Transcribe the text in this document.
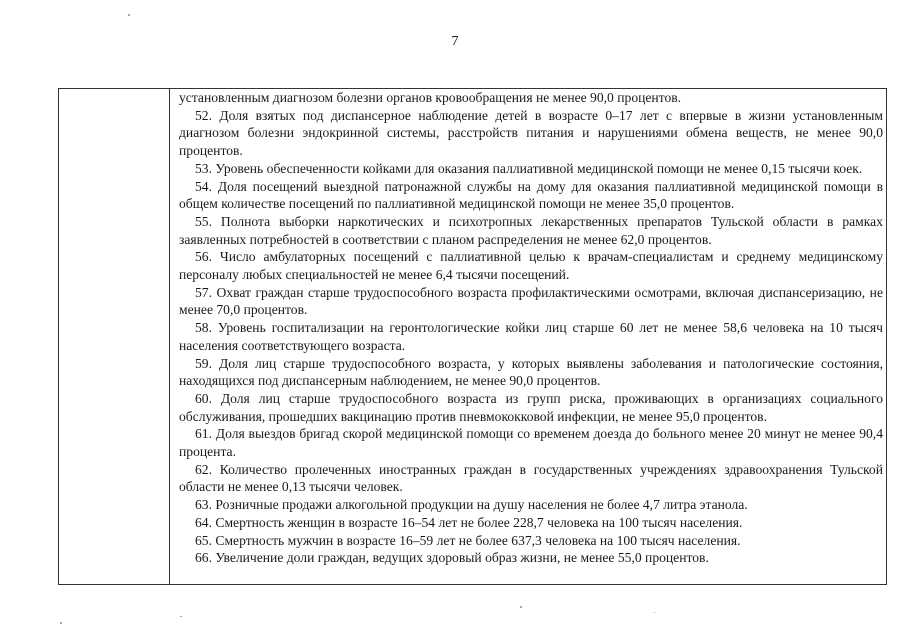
7

установленным диагнозом болезни органов кровообращения не менее 90,0 процентов.

52. Доля взятых под диспансерное наблюдение детей в возрасте 0–17 лет с впервые в жизни установленным диагнозом болезни эндокринной системы, расстройств питания и нарушениями обмена веществ, не менее 90,0 процентов.

53. Уровень обеспеченности койками для оказания паллиативной медицинской помощи не менее 0,15 тысячи коек.

54. Доля посещений выездной патронажной службы на дому для оказания паллиативной медицинской помощи в общем количестве посещений по паллиативной медицинской помощи не менее 35,0 процентов.

55. Полнота выборки наркотических и психотропных лекарственных препаратов Тульской области в рамках заявленных потребностей в соответствии с планом распределения не менее 62,0 процентов.

56. Число амбулаторных посещений с паллиативной целью к врачам-специалистам и среднему медицинскому персоналу любых специальностей не менее 6,4 тысячи посещений.

57. Охват граждан старше трудоспособного возраста профилактическими осмотрами, включая диспансеризацию, не менее 70,0 процентов.

58. Уровень госпитализации на геронтологические койки лиц старше 60 лет не менее 58,6 человека на 10 тысяч населения соответствующего возраста.

59. Доля лиц старше трудоспособного возраста, у которых выявлены заболевания и патологические состояния, находящихся под диспансерным наблюдением, не менее 90,0 процентов.

60. Доля лиц старше трудоспособного возраста из групп риска, проживающих в организациях социального обслуживания, прошедших вакцинацию против пневмококковой инфекции, не менее 95,0 процентов.

61. Доля выездов бригад скорой медицинской помощи со временем доезда до больного менее 20 минут не менее 90,4 процента.

62. Количество пролеченных иностранных граждан в государственных учреждениях здравоохранения Тульской области не менее 0,13 тысячи человек.

63. Розничные продажи алкогольной продукции на душу населения не более 4,7 литра этанола.

64. Смертность женщин в возрасте 16–54 лет не более 228,7 человека на 100 тысяч населения.

65. Смертность мужчин в возрасте 16–59 лет не более 637,3 человека на 100 тысяч населения.

66. Увеличение доли граждан, ведущих здоровый образ жизни, не менее 55,0 процентов.
